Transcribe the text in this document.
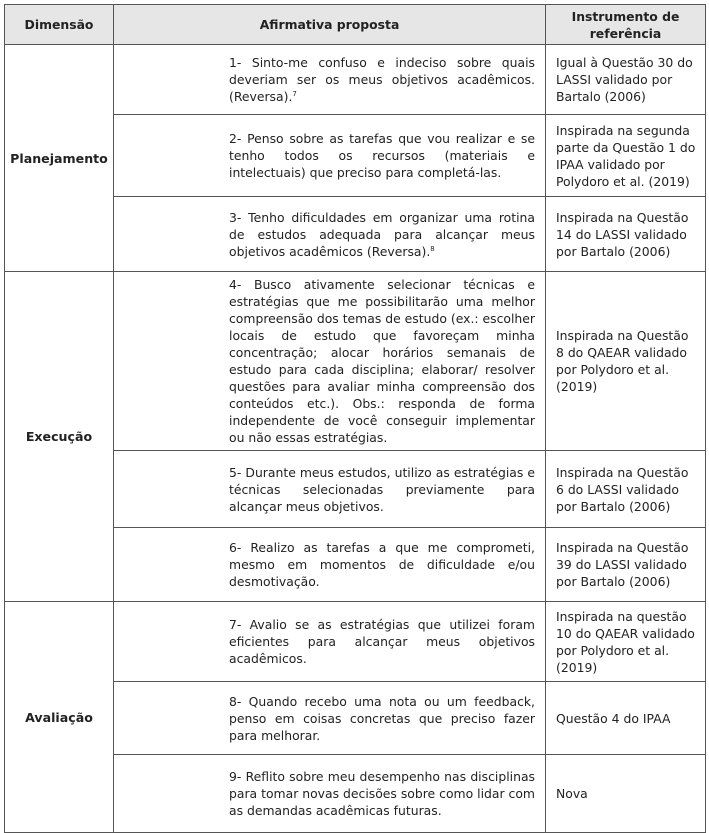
Dimensão	Afirmativa proposta	Instrumento de referência
Planejamento	1- Sinto-me confuso e indeciso sobre quais deveriam ser os meus objetivos acadêmicos. (Reversa).$^7$	Igual à Questão 30 do LASSI validado por Bartalo (2006)
	2- Penso sobre as tarefas que vou realizar e se tenho todos os recursos (materiais e intelectuais) que preciso para completá-las.	Inspirada na segunda parte da Questão 1 do IPAA validado por Polydoro et al. (2019)
	3- Tenho dificuldades em organizar uma rotina de estudos adequada para alcançar meus objetivos acadêmicos (Reversa).$^8$	Inspirada na Questão 14 do LASSI validado por Bartalo (2006)
Execução	4- Busco ativamente selecionar técnicas e estratégias que me possibilitarão uma melhor compreensão dos temas de estudo (ex.: escolher locais de estudo que favoreçam minha concentração; alocar horários semanais de estudo para cada disciplina; elaborar/ resolver questões para avaliar minha compreensão dos conteúdos etc.). Obs.: responda de forma independente de você conseguir implementar ou não essas estratégias.	Inspirada na Questão 8 do QAEAR validado por Polydoro et al. (2019)
	5- Durante meus estudos, utilizo as estratégias e técnicas selecionadas previamente para alcançar meus objetivos.	Inspirada na Questão 6 do LASSI validado por Bartalo (2006)
	6- Realizo as tarefas a que me comprometi, mesmo em momentos de dificuldade e/ou desmotivação.	Inspirada na Questão 39 do LASSI validado por Bartalo (2006)
Avaliação	7- Avalio se as estratégias que utilizei foram eficientes para alcançar meus objetivos acadêmicos.	Inspirada na questão 10 do QAEAR validado por Polydoro et al. (2019)
	8- Quando recebo uma nota ou um feedback, penso em coisas concretas que preciso fazer para melhorar.	Questão 4 do IPAA
	9- Reflito sobre meu desempenho nas disciplinas para tomar novas decisões sobre como lidar com as demandas acadêmicas futuras.	Nova
